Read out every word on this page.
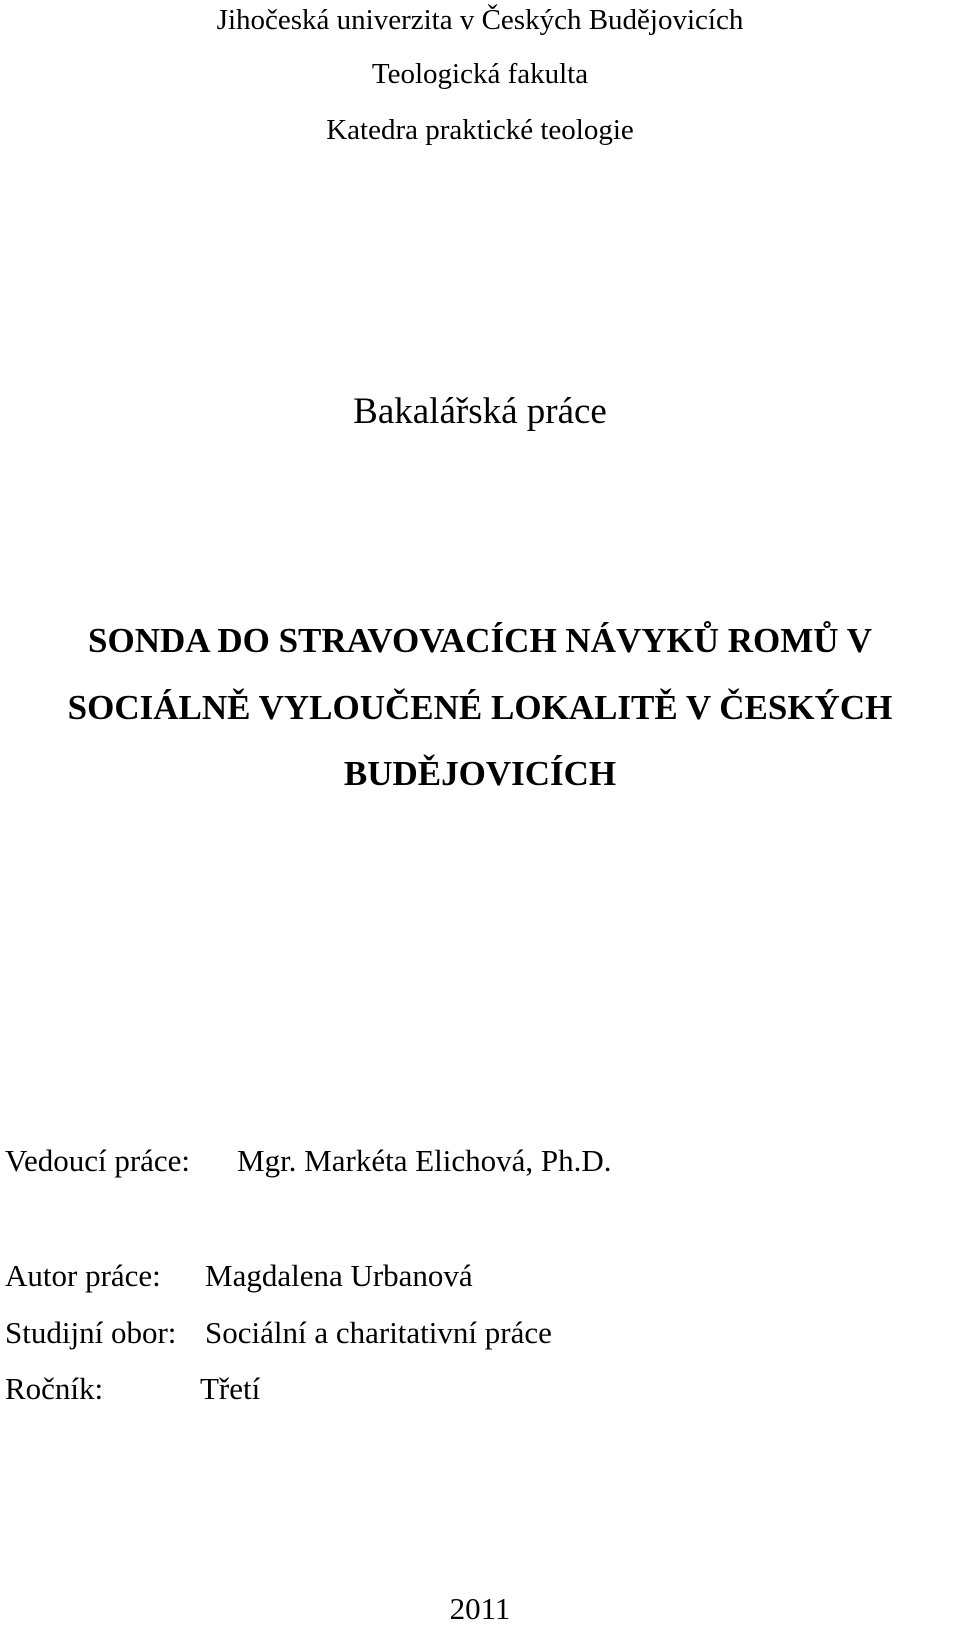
Jihočeská univerzita v Českých Budějovicích
Teologická fakulta
Katedra praktické teologie
Bakalářská práce
SONDA DO STRAVOVACÍCH NÁVYKŮ ROMŮ V
SOCIÁLNĚ VYLOUČENÉ LOKALITĚ V ČESKÝCH
BUDĚJOVICÍCH
Vedoucí práce: Mgr. Markéta Elichová, Ph.D.
Autor práce: Magdalena Urbanová
Studijní obor: Sociální a charitativní práce
Ročník:	Třetí
2011
